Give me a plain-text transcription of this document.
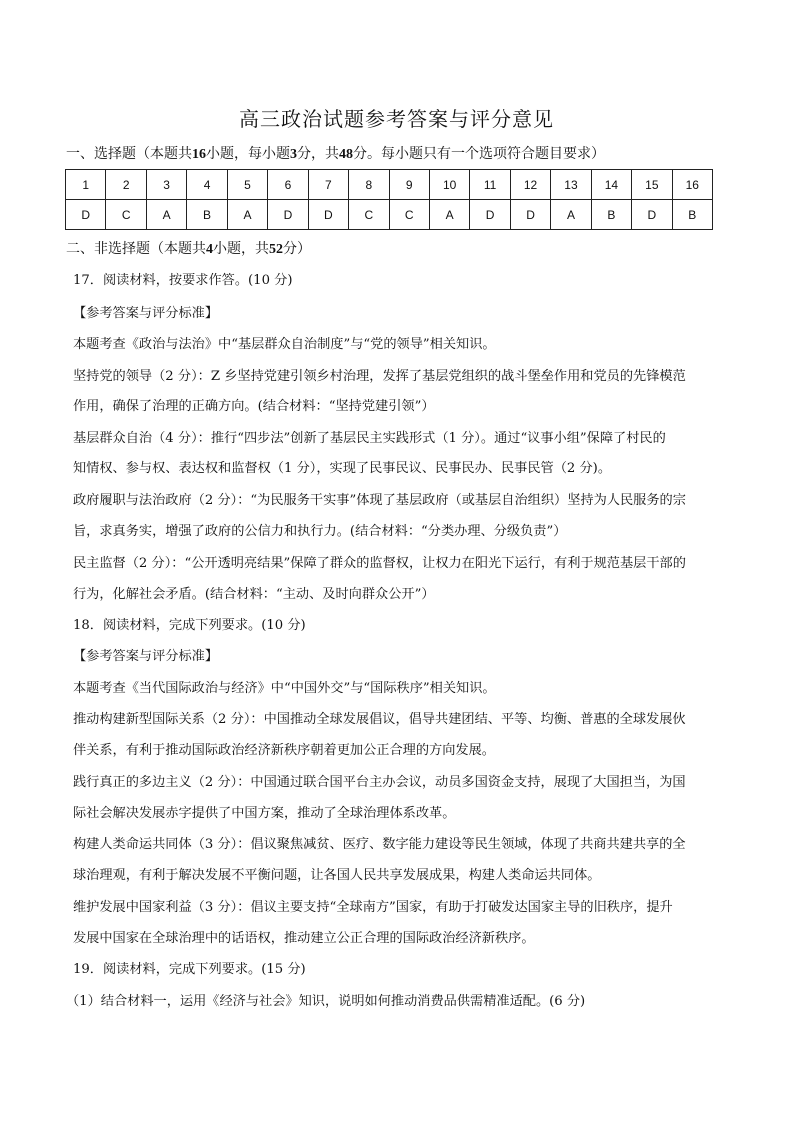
高三政治试题参考答案与评分意见
一、选择题（本题共16小题，每小题3分，共48分。每小题只有一个选项符合题目要求）
1	2	3	4	5	6	7	8	9	10	11	12	13	14	15	16
D	C	A	B	A	D	D	C	C	A	D	D	A	B	D	B
二、非选择题（本题共4小题，共52分）
17．阅读材料，按要求作答。(10 分)
【参考答案与评分标准】
本题考查《政治与法治》中“基层群众自治制度”与“党的领导”相关知识。
坚持党的领导（2 分）：Z 乡坚持党建引领乡村治理，发挥了基层党组织的战斗堡垒作用和党员的先锋模范
作用，确保了治理的正确方向。(结合材料：“坚持党建引领”）
基层群众自治（4 分）：推行“四步法”创新了基层民主实践形式（1 分）。通过“议事小组”保障了村民的
知情权、参与权、表达权和监督权（1 分），实现了民事民议、民事民办、民事民管（2 分)。
政府履职与法治政府（2 分）：“为民服务干实事”体现了基层政府（或基层自治组织）坚持为人民服务的宗
旨，求真务实，增强了政府的公信力和执行力。(结合材料：“分类办理、分级负责”）
民主监督（2 分）：“公开透明亮结果”保障了群众的监督权，让权力在阳光下运行，有利于规范基层干部的
行为，化解社会矛盾。(结合材料：“主动、及时向群众公开”）
18．阅读材料，完成下列要求。(10 分)
【参考答案与评分标准】
本题考查《当代国际政治与经济》中“中国外交”与“国际秩序”相关知识。
推动构建新型国际关系（2 分）：中国推动全球发展倡议，倡导共建团结、平等、均衡、普惠的全球发展伙
伴关系，有利于推动国际政治经济新秩序朝着更加公正合理的方向发展。
践行真正的多边主义（2 分）：中国通过联合国平台主办会议，动员多国资金支持，展现了大国担当，为国
际社会解决发展赤字提供了中国方案，推动了全球治理体系改革。
构建人类命运共同体（3 分）：倡议聚焦减贫、医疗、数字能力建设等民生领域，体现了共商共建共享的全
球治理观，有利于解决发展不平衡问题，让各国人民共享发展成果，构建人类命运共同体。
维护发展中国家利益（3 分）：倡议主要支持“全球南方”国家，有助于打破发达国家主导的旧秩序，提升
发展中国家在全球治理中的话语权，推动建立公正合理的国际政治经济新秩序。
19．阅读材料，完成下列要求。(15 分)
（1）结合材料一，运用《经济与社会》知识，说明如何推动消费品供需精准适配。(6 分)
